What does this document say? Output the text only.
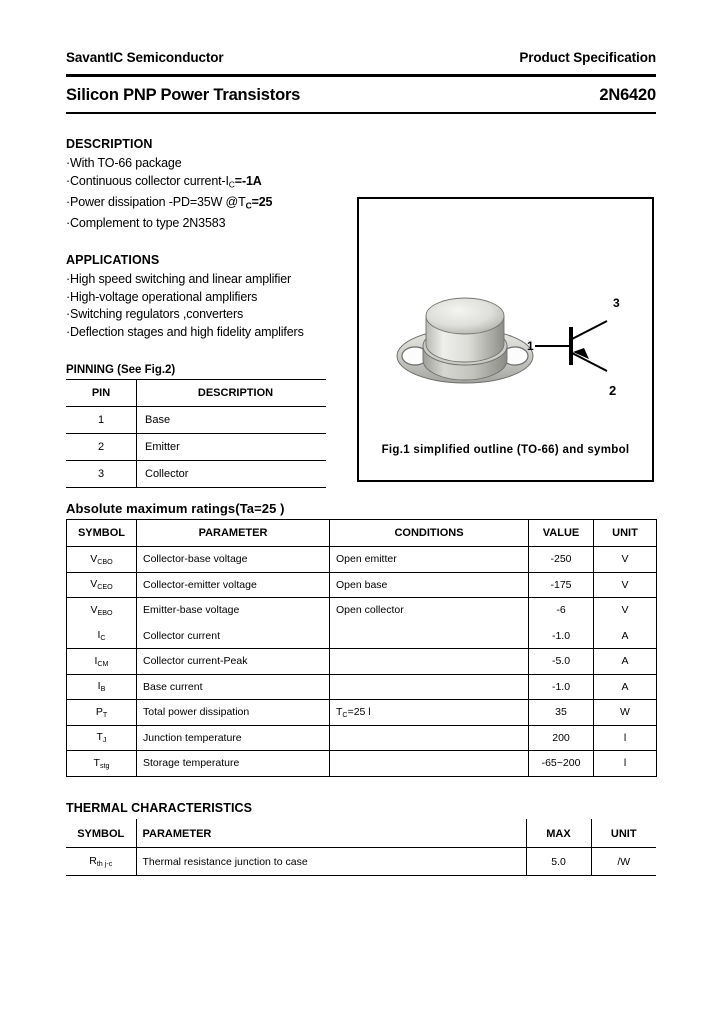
SavantIC Semiconductor	Product Specification
Silicon PNP Power Transistors	2N6420
DESCRIPTION
·With TO-66 package
·Continuous collector current-$I_C=-1A$
·Power dissipation -PD=35W $@T_C=25$
·Complement to type 2N3583
APPLICATIONS
·High speed switching and linear amplifier
·High-voltage operational amplifiers
·Switching regulators ,converters
·Deflection stages and high fidelity amplifers
PINNING (See Fig.2)
PIN	DESCRIPTION
1	Base
2	Emitter
3	Collector
3
1
2
Fig.1 simplified outline (TO-66) and symbol
Absolute maximum ratings(Ta=25 )
SYMBOL	PARAMETER	CONDITIONS	VALUE	UNIT
$V_{CBO}$	Collector-base voltage	Open emitter	-250	V
$V_{CEO}$	Collector-emitter voltage	Open base	-175	V
$V_{EBO}$	Emitter-base voltage	Open collector	-6	V
$I_C$	Collector current		-1.0	A
$I_{CM}$	Collector current-Peak		-5.0	A
$I_B$	Base current		-1.0	A
$P_T$	Total power dissipation	$T_C=25$ l	35	W
$T_J$	Junction temperature		200	l
$T_{stg}$	Storage temperature		-65~200	l
THERMAL CHARACTERISTICS
SYMBOL	PARAMETER	MAX	UNIT
$R_{th j-c}$	Thermal resistance junction to case	5.0	/W
